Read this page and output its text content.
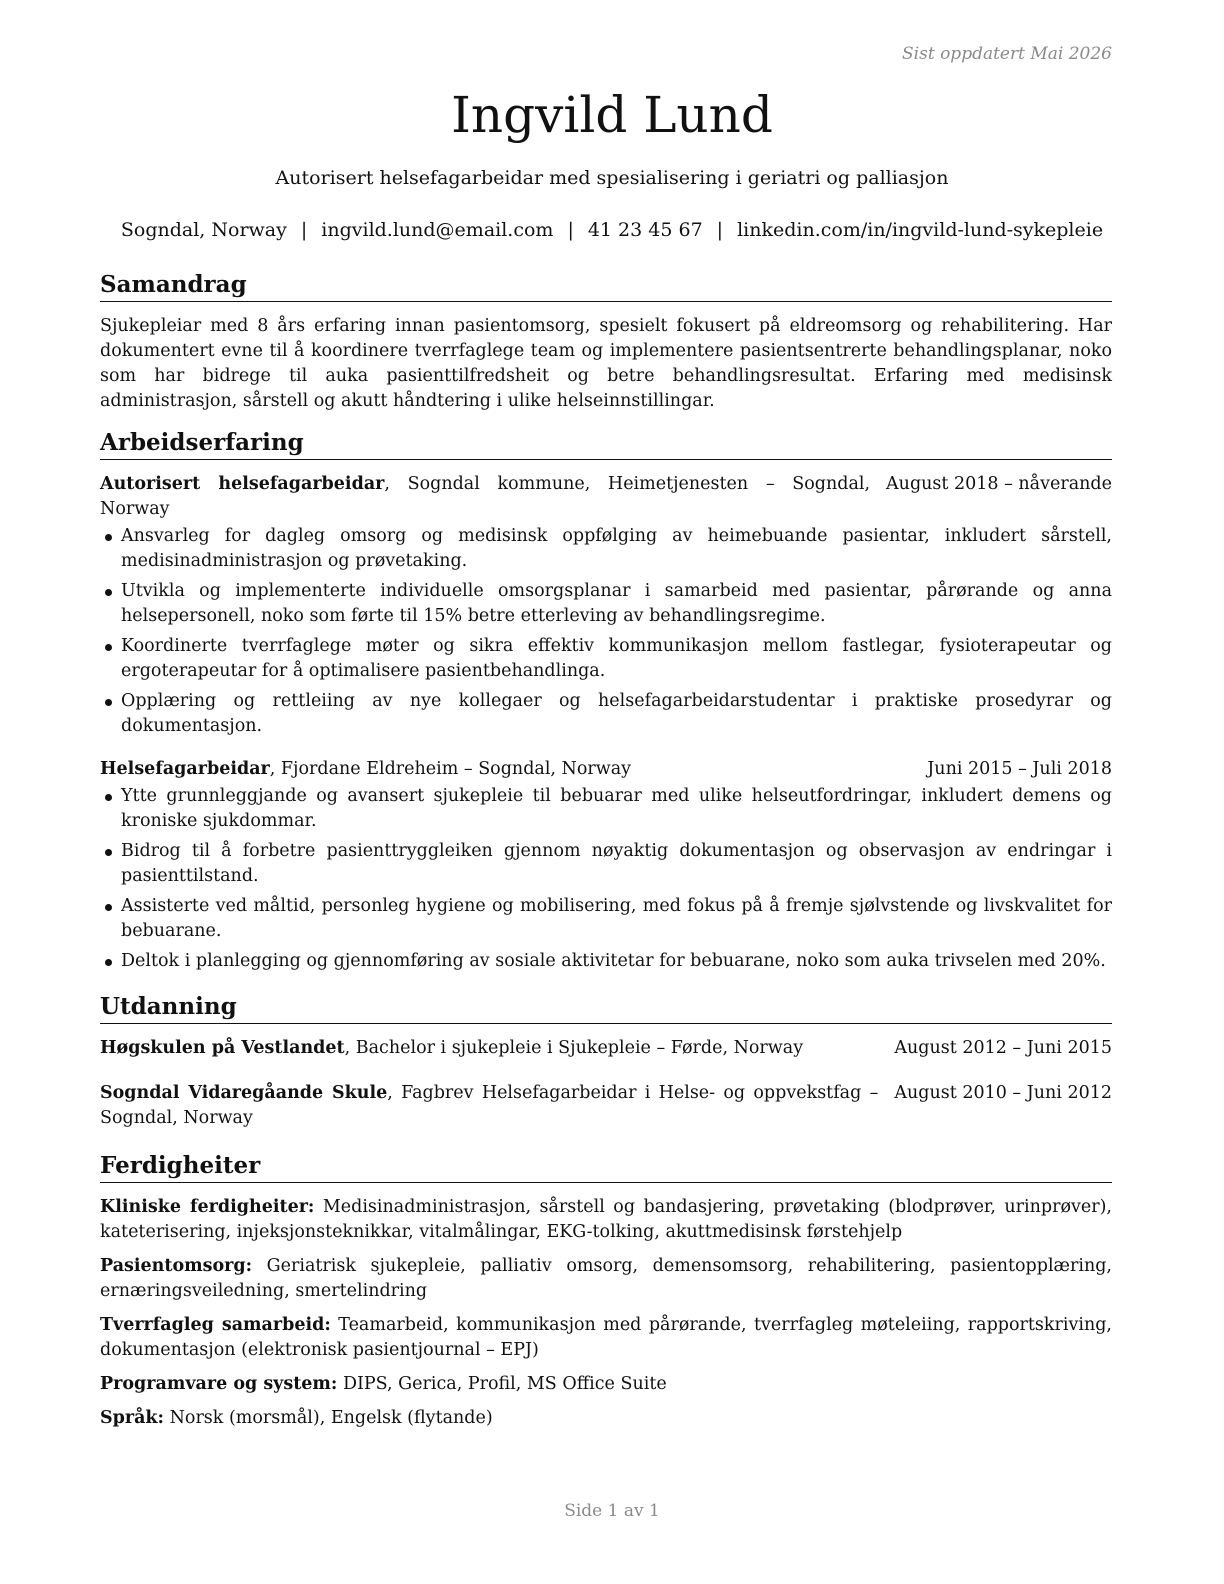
Sist oppdatert Mai 2026
Ingvild Lund
Autorisert helsefagarbeidar med spesialisering i geriatri og palliasjon
Sogndal, Norway | ingvild.lund@email.com | 41 23 45 67 | linkedin.com/in/ingvild-lund-sykepleie
Samandrag

Sjukepleiar med 8 års erfaring innan pasientomsorg, spesielt fokusert på eldreomsorg og rehabilitering. Har dokumentert evne til å koordinere tverrfaglege team og implementere pasientsentrerte behandlingsplanar, noko som har bidrege til auka pasienttilfredsheit og betre behandlingsresultat. Erfaring med medisinsk administrasjon, sårstell og akutt håndtering i ulike helseinnstillingar.

Arbeidserfaring
Autorisert helsefagarbeidar, Sogndal kommune, Heimetjenesten – Sogndal, Norway
August 2018 – nåverande
Ansvarleg for dagleg omsorg og medisinsk oppfølging av heimebuande pasientar, inkludert sårstell, medisinadministrasjon og prøvetaking.
Utvikla og implementerte individuelle omsorgsplanar i samarbeid med pasientar, pårørande og anna helsepersonell, noko som førte til 15% betre etterleving av behandlingsregime.
Koordinerte tverrfaglege møter og sikra effektiv kommunikasjon mellom fastlegar, fysioterapeutar og ergoterapeutar for å optimalisere pasientbehandlinga.
Opplæring og rettleiing av nye kollegaer og helsefagarbeidarstudentar i praktiske prosedyrar og dokumentasjon.
Helsefagarbeidar, Fjordane Eldreheim – Sogndal, Norway	Juni 2015 – Juli 2018
Ytte grunnleggjande og avansert sjukepleie til bebuarar med ulike helseutfordringar, inkludert demens og kroniske sjukdommar.
Bidrog til å forbetre pasienttryggleiken gjennom nøyaktig dokumentasjon og observasjon av endringar i pasienttilstand.
Assisterte ved måltid, personleg hygiene og mobilisering, med fokus på å fremje sjølvstende og livskvalitet for bebuarane.
Deltok i planlegging og gjennomføring av sosiale aktivitetar for bebuarane, noko som auka trivselen med 20%.
Utdanning
Høgskulen på Vestlandet, Bachelor i sjukepleie i Sjukepleie – Førde, Norway	August 2012 – Juni 2015
Sogndal Vidaregåande Skule, Fagbrev Helsefagarbeidar i Helse- og oppvekstfag – Sogndal, Norway
August 2010 – Juni 2012
Ferdigheiter

Kliniske ferdigheiter: Medisinadministrasjon, sårstell og bandasjering, prøvetaking (blodprøver, urinprøver), kateterisering, injeksjonsteknikkar, vitalmålingar, EKG-tolking, akuttmedisinsk førstehjelp

Pasientomsorg: Geriatrisk sjukepleie, palliativ omsorg, demensomsorg, rehabilitering, pasientopplæring, ernæringsveiledning, smertelindring

Tverrfagleg samarbeid: Teamarbeid, kommunikasjon med pårørande, tverrfagleg møteleiing, rapportskriving, dokumentasjon (elektronisk pasientjournal – EPJ)

Programvare og system: DIPS, Gerica, Profil, MS Office Suite

Språk: Norsk (morsmål), Engelsk (flytande)

Side 1 av 1
